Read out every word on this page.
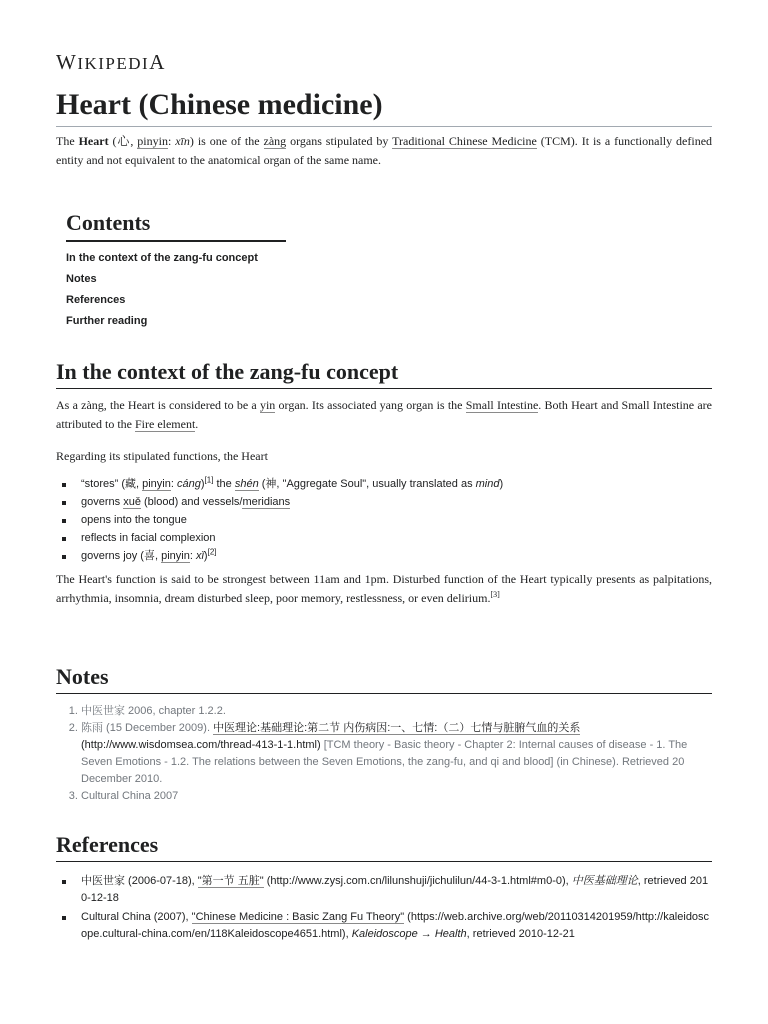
WIKIPEDIA
Heart (Chinese medicine)

The Heart (心, pinyin: xīn) is one of the zàng organs stipulated by Traditional Chinese Medicine (TCM). It is a functionally defined entity and not equivalent to the anatomical organ of the same name.

Contents
In the context of the zang-fu concept
Notes
References
Further reading
In the context of the zang-fu concept

As a zàng, the Heart is considered to be a yin organ. Its associated yang organ is the Small Intestine. Both Heart and Small Intestine are attributed to the Fire element.

Regarding its stipulated functions, the Heart

“stores” (藏, pinyin: cáng)[1] the shén (神, "Aggregate Soul", usually translated as mind)
governs xuě (blood) and vessels/meridians
opens into the tongue
reflects in facial complexion
governs joy (喜, pinyin: xǐ)[2]

The Heart's function is said to be strongest between 11am and 1pm. Disturbed function of the Heart typically presents as palpitations, arrhythmia, insomnia, dream disturbed sleep, poor memory, restlessness, or even delirium.[3]

Notes
1. 中医世家 2006, chapter 1.2.2.
2. 陈雨 (15 December 2009). 中医理论:基础理论:第二节 内伤病因:一、七情:（二）七情与脏腑气血的关系 (http://www.wisdomsea.com/thread-413-1-1.html) [TCM theory - Basic theory - Chapter 2: Internal causes of disease - 1. The Seven Emotions - 1.2. The relations between the Seven Emotions, the zang-fu, and qi and blood] (in Chinese). Retrieved 20 December 2010.
3. Cultural China 2007
References
中医世家 (2006-07-18), "第一节 五脏" (http://www.zysj.com.cn/lilunshuji/jichulilun/44-3-1.html#m0-0), 中医基础理论, retrieved 2010-12-18
Cultural China (2007), "Chinese Medicine : Basic Zang Fu Theory" (https://web.archive.org/web/20110314201959/http://kaleidoscope.cultural-china.com/en/118Kaleidoscope4651.html), Kaleidoscope → Health, retrieved 2010-12-21
